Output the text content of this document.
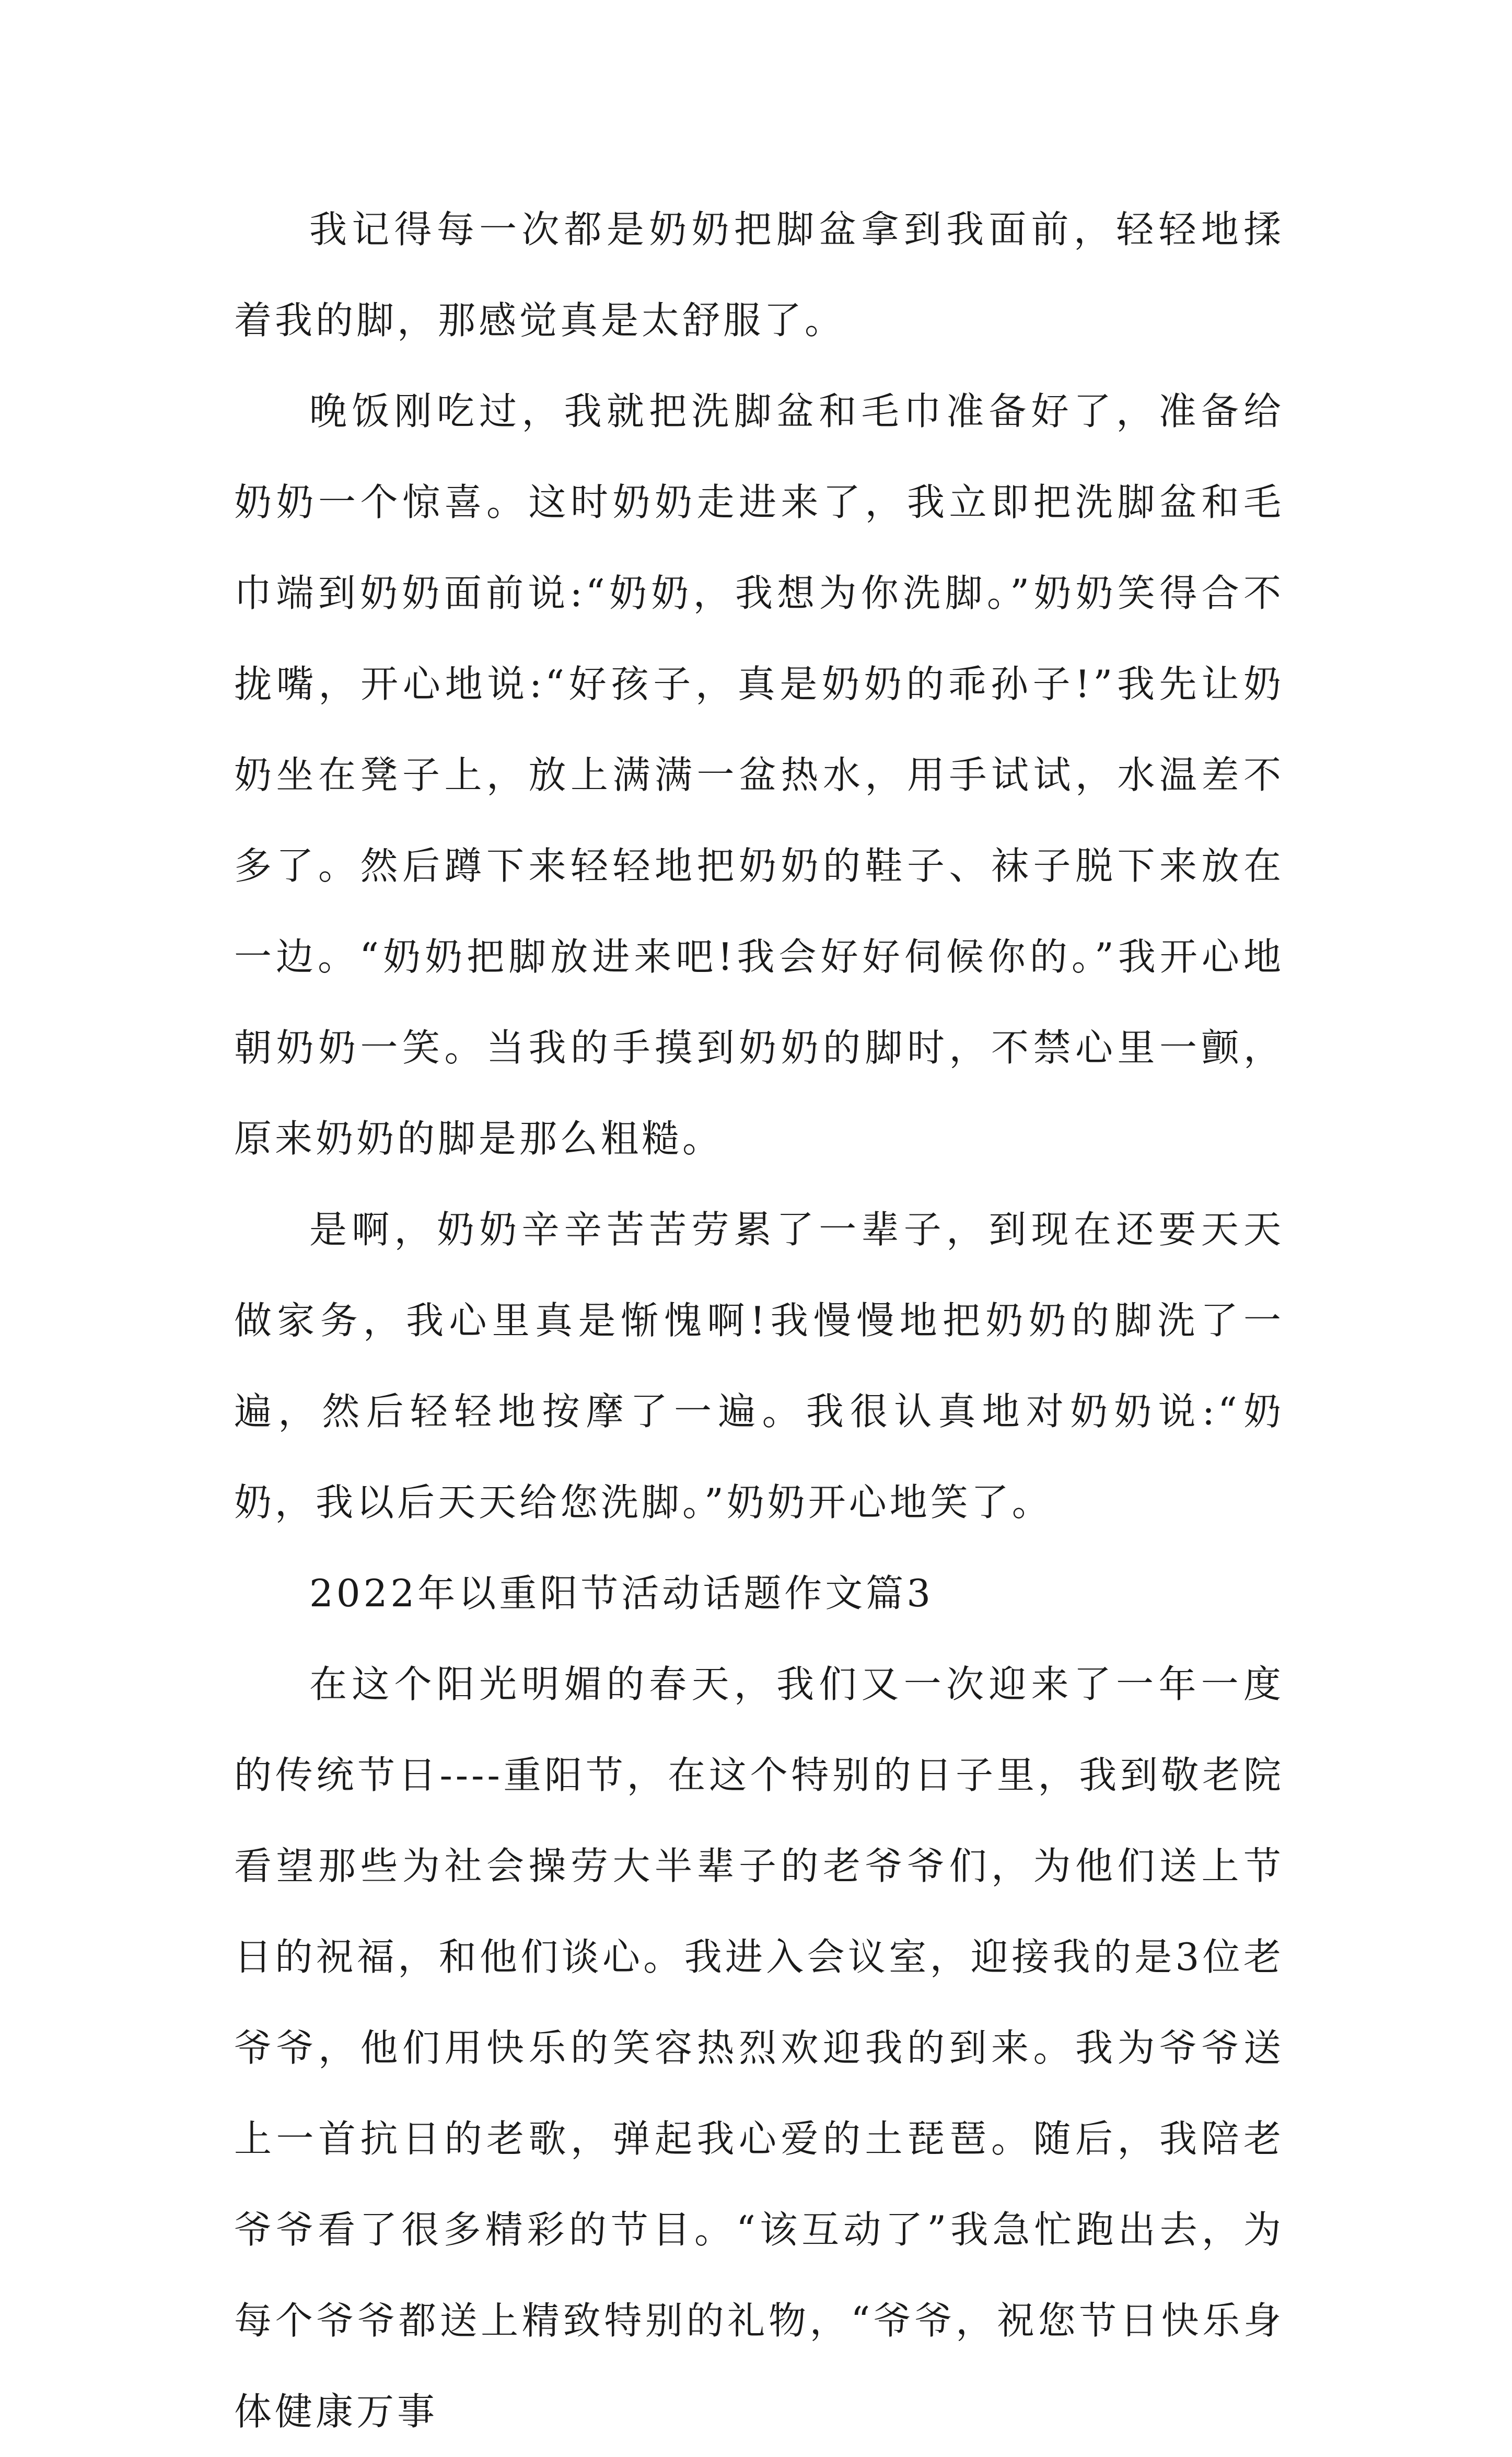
我记得每一次都是奶奶把脚盆拿到我面前，轻轻地揉着我的脚，那感觉真是太舒服了。

晚饭刚吃过，我就把洗脚盆和毛巾准备好了，准备给奶奶一个惊喜。这时奶奶走进来了，我立即把洗脚盆和毛巾端到奶奶面前说:“奶奶，我想为你洗脚。”奶奶笑得合不拢嘴，开心地说:“好孩子，真是奶奶的乖孙子!”我先让奶奶坐在凳子上，放上满满一盆热水，用手试试，水温差不多了。然后蹲下来轻轻地把奶奶的鞋子、袜子脱下来放在一边。“奶奶把脚放进来吧!我会好好伺候你的。”我开心地朝奶奶一笑。当我的手摸到奶奶的脚时，不禁心里一颤，原来奶奶的脚是那么粗糙。

是啊，奶奶辛辛苦苦劳累了一辈子，到现在还要天天做家务，我心里真是惭愧啊!我慢慢地把奶奶的脚洗了一遍，然后轻轻地按摩了一遍。我很认真地对奶奶说:“奶奶，我以后天天给您洗脚。”奶奶开心地笑了。

2022年以重阳节活动话题作文篇3

在这个阳光明媚的春天，我们又一次迎来了一年一度的传统节日----重阳节，在这个特别的日子里，我到敬老院看望那些为社会操劳大半辈子的老爷爷们，为他们送上节日的祝福，和他们谈心。我进入会议室，迎接我的是3位老爷爷，他们用快乐的笑容热烈欢迎我的到来。我为爷爷送上一首抗日的老歌，弹起我心爱的土琵琶。随后，我陪老爷爷看了很多精彩的节目。“该互动了”我急忙跑出去，为每个爷爷都送上精致特别的礼物，“爷爷，祝您节日快乐身体健康万事
